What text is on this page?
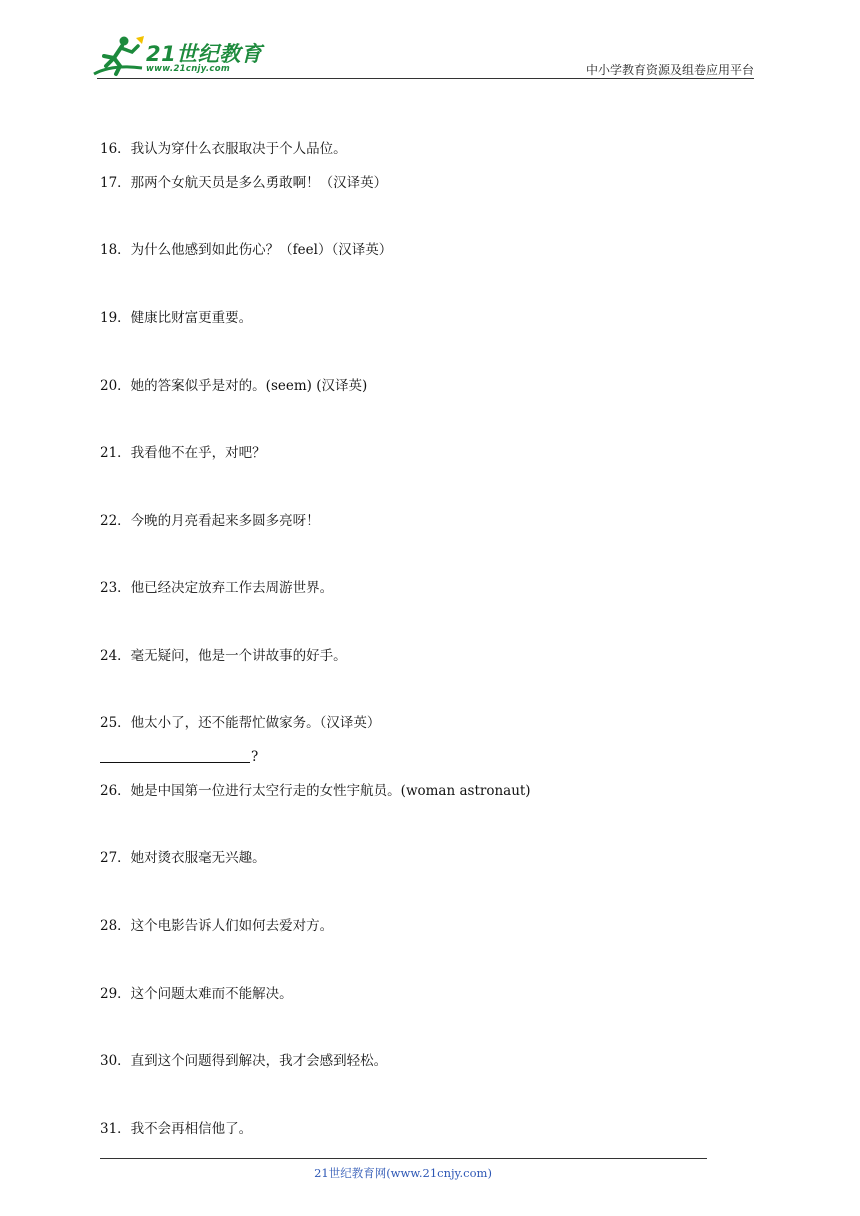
21世纪教育
www.21cnjy.com	中小学教育资源及组卷应用平台
16．我认为穿什么衣服取决于个人品位。
17．那两个女航天员是多么勇敢啊！（汉译英）
18．为什么他感到如此伤心？（feel）（汉译英）
19．健康比财富更重要。
20．她的答案似乎是对的。(seem) (汉译英)
21．我看他不在乎，对吧？
22．今晚的月亮看起来多圆多亮呀！
23．他已经决定放弃工作去周游世界。
24．毫无疑问，他是一个讲故事的好手。
25．他太小了，还不能帮忙做家务。（汉译英）
?
26．她是中国第一位进行太空行走的女性宇航员。(woman astronaut)
27．她对烫衣服毫无兴趣。
28．这个电影告诉人们如何去爱对方。
29．这个问题太难而不能解决。
30．直到这个问题得到解决，我才会感到轻松。
31．我不会再相信他了。
21世纪教育网(www.21cnjy.com)
